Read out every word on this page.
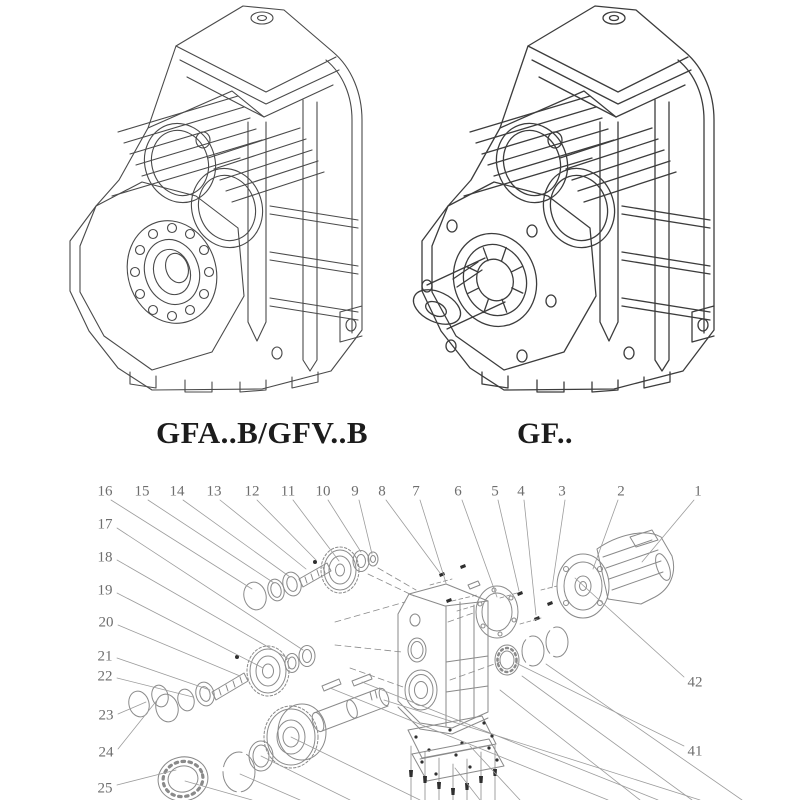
GFA..B/GFV..B	GF..
1
2
3
4
5
6
7
8
9
10
11
12
13
14
15
16
17
18
19
20
21
22
23
24
25
42
41
